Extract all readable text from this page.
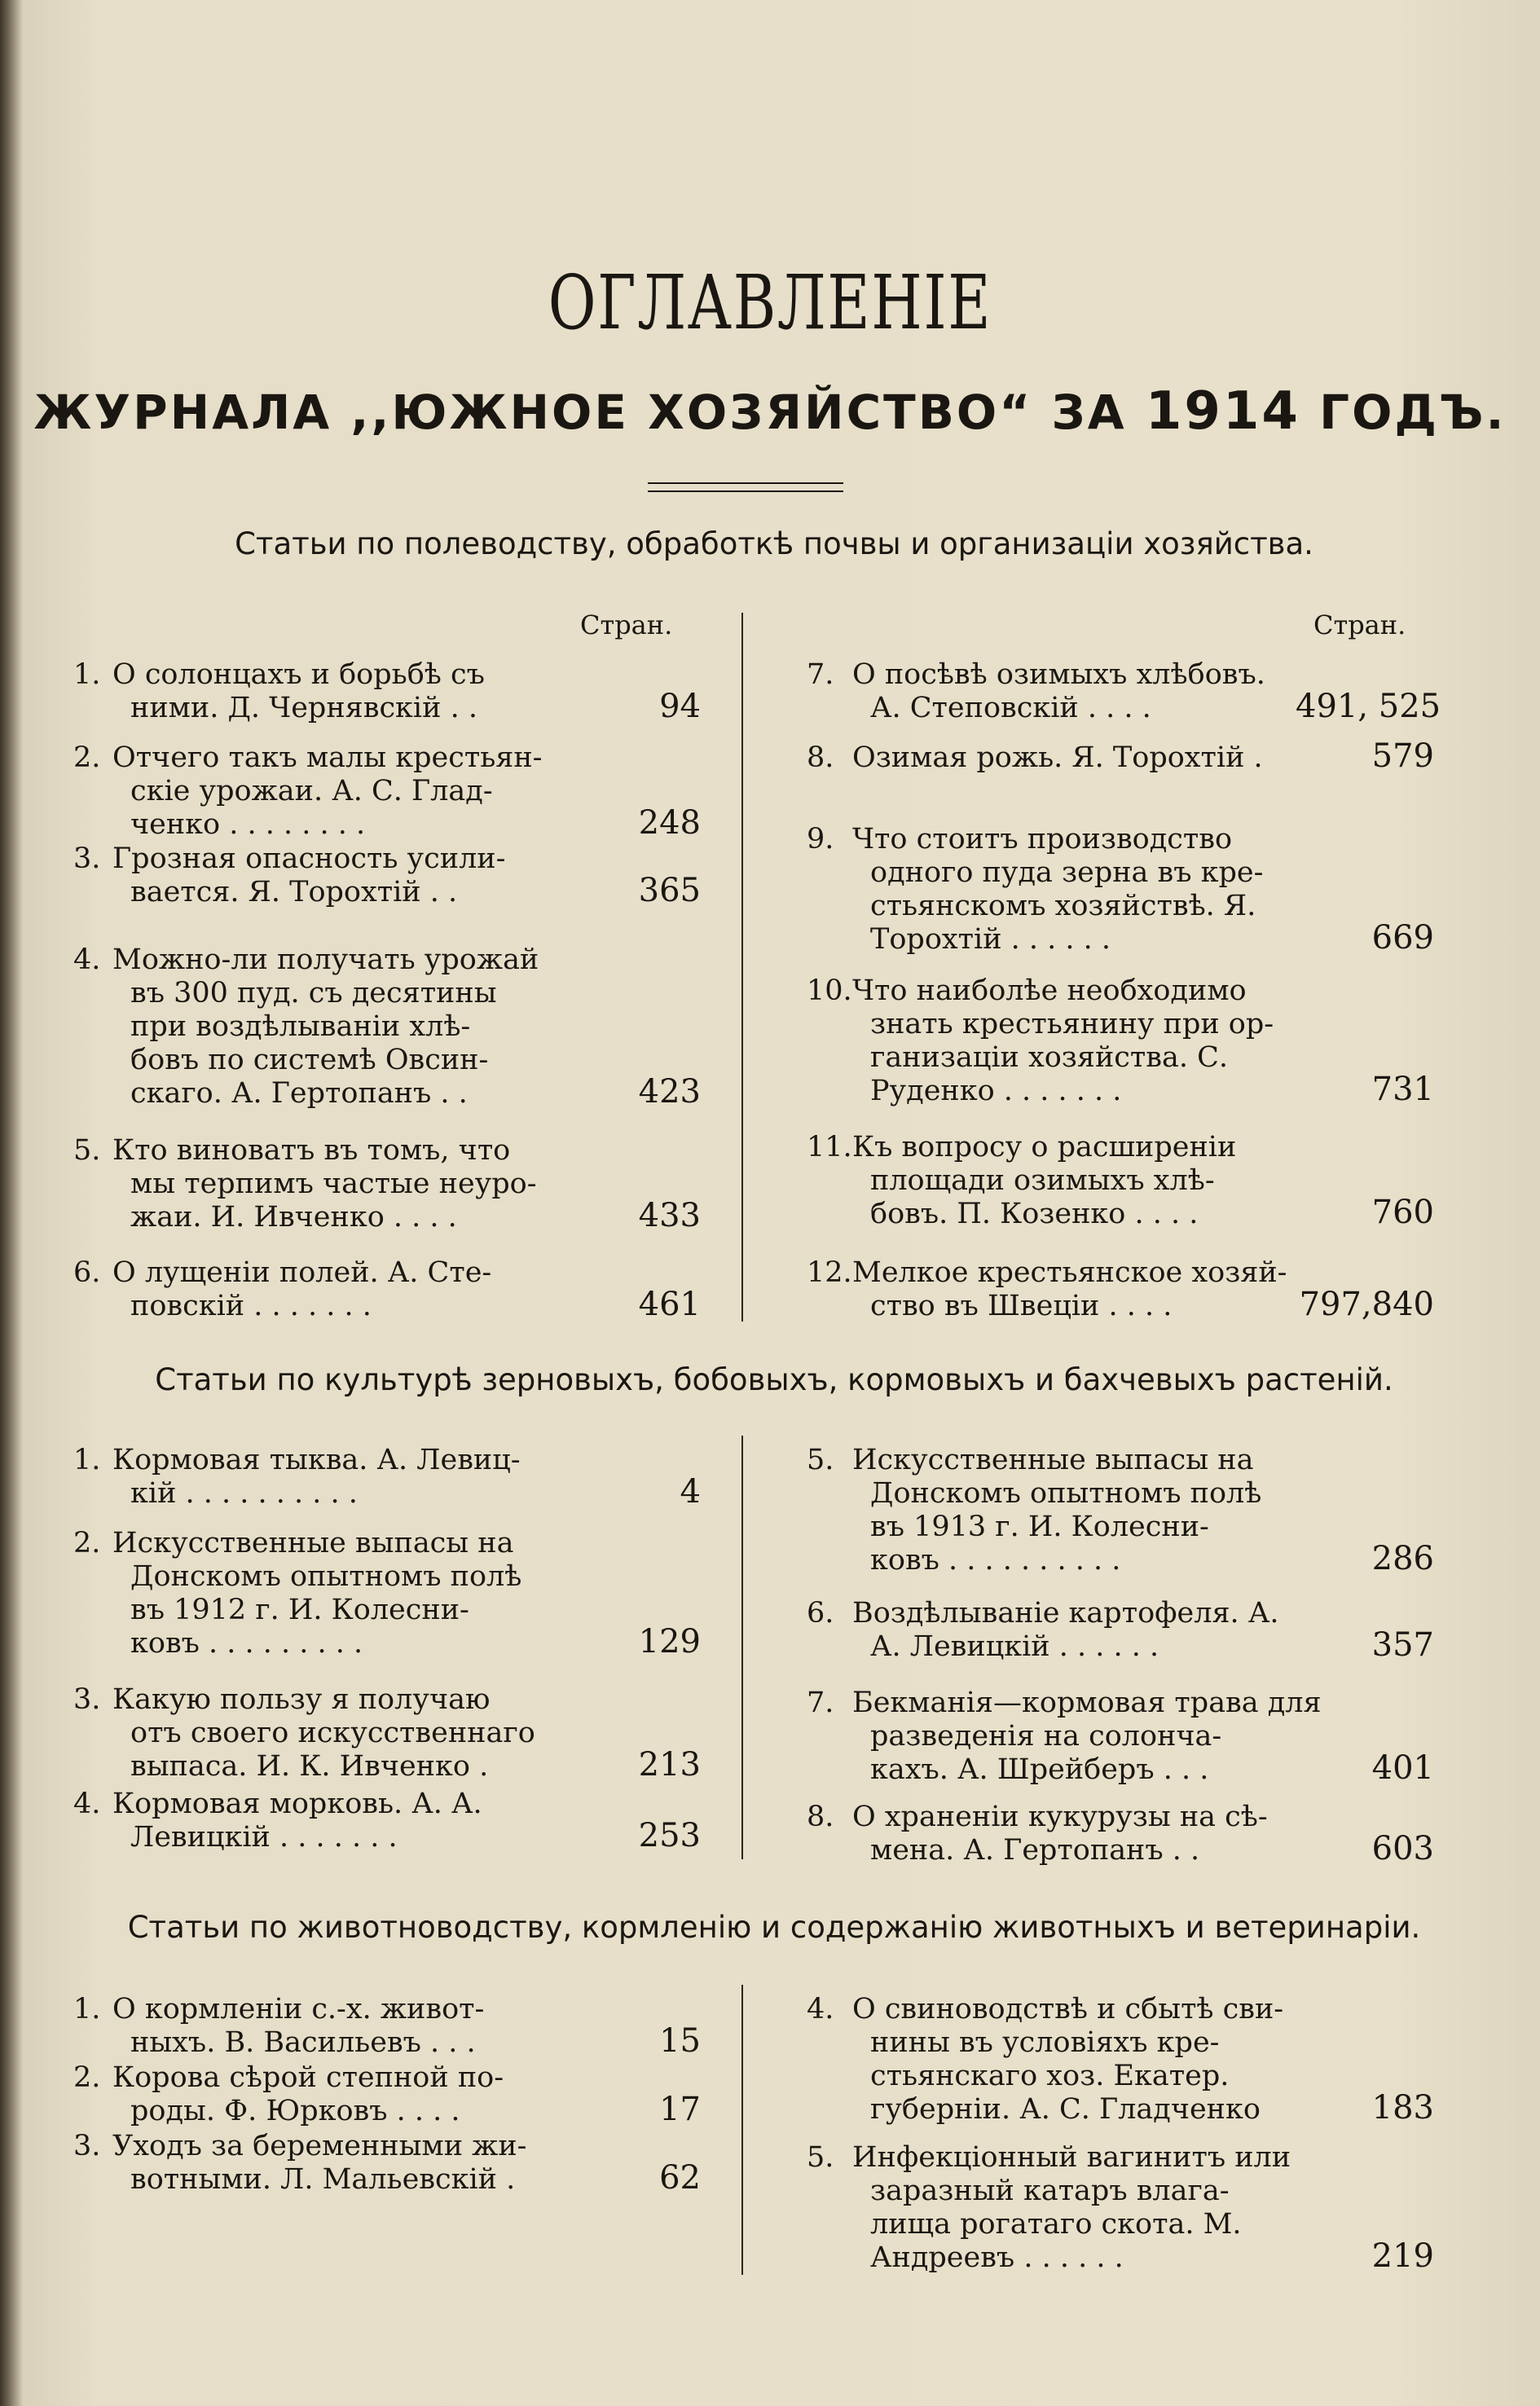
ОГЛАВЛЕНIЕ
ЖУРНАЛА ,,ЮЖНОЕ ХОЗЯЙСТВО“ ЗА 1914 ГОДЪ.
Статьи по полеводству, обработкѣ почвы и организацiи хозяйства.
Статьи по культурѣ зерновыхъ, бобовыхъ, кормовыхъ и бахчевыхъ растенiй.
Статьи по животноводству, кормленiю и содержанiю животныхъ и ветеринарiи.
Стран.	Стран.
1. О солонцахъ и борьбѣ съ
ними. Д. Чернявскiй . .	94
2. Отчего такъ малы крестьян-
скiе урожаи. А. С. Глад-
ченко . . . . . . . .	248
3. Грозная опасность усили-
вается. Я. Торохтiй . .	365
4. Можно-ли получать урожай
въ 300 пуд. съ десятины
при воздѣлыванiи хлѣ-
бовъ по системѣ Овсин-
скаго. А. Гертопанъ . .	423
5. Кто виноватъ въ томъ, что
мы терпимъ частые неуро-
жаи. И. Ивченко . . . .	433
6. О лущенiи полей. А. Сте-
повскiй . . . . . . .	461
7. О посѣвѣ озимыхъ хлѣбовъ.
А. Степовскiй . . . .	491, 525
8. Озимая рожь. Я. Торохтiй .	579
9. Что стоитъ производство
одного пуда зерна въ кре-
стьянскомъ хозяйствѣ. Я.
Торохтiй . . . . . .	669
10. Что наиболѣе необходимо
знать крестьянину при ор-
ганизацiи хозяйства. С.
Руденко . . . . . . .	731
11. Къ вопросу о расширенiи
площади озимыхъ хлѣ-
бовъ. П. Козенко . . . .	760
12. Мелкое крестьянское хозяй-
ство въ Швецiи . . . .	797,840
1. Кормовая тыква. А. Левиц-
кiй . . . . . . . . . .	4
2. Искусственные выпасы на
Донскомъ опытномъ полѣ
въ 1912 г. И. Колесни-
ковъ . . . . . . . . .	129
3. Какую пользу я получаю
отъ своего искусственнаго
выпаса. И. К. Ивченко .	213
4. Кормовая морковь. А. А.
Левицкiй . . . . . . .	253
5. Искусственные выпасы на
Донскомъ опытномъ полѣ
въ 1913 г. И. Колесни-
ковъ . . . . . . . . . .	286
6. Воздѣлыванiе картофеля. А.
А. Левицкiй . . . . . .	357
7. Бекманiя—кормовая трава для
разведенiя на солонча-
кахъ. А. Шрейберъ . . .	401
8. О храненiи кукурузы на сѣ-
мена. А. Гертопанъ . .	603
1. О кормленiи с.-х. живот-
ныхъ. В. Васильевъ . . .	15
2. Корова сѣрой степной по-
роды. Ф. Юрковъ . . . .	17
3. Уходъ за беременными жи-
вотными. Л. Мальевскiй .	62
4. О свиноводствѣ и сбытѣ сви-
нины въ условiяхъ кре-
стьянскаго хоз. Екатер.
губернiи. А. С. Гладченко	183
5. Инфекцiонный вагинитъ или
заразный катаръ влага-
лища рогатаго скота. М.
Андреевъ . . . . . .	219
